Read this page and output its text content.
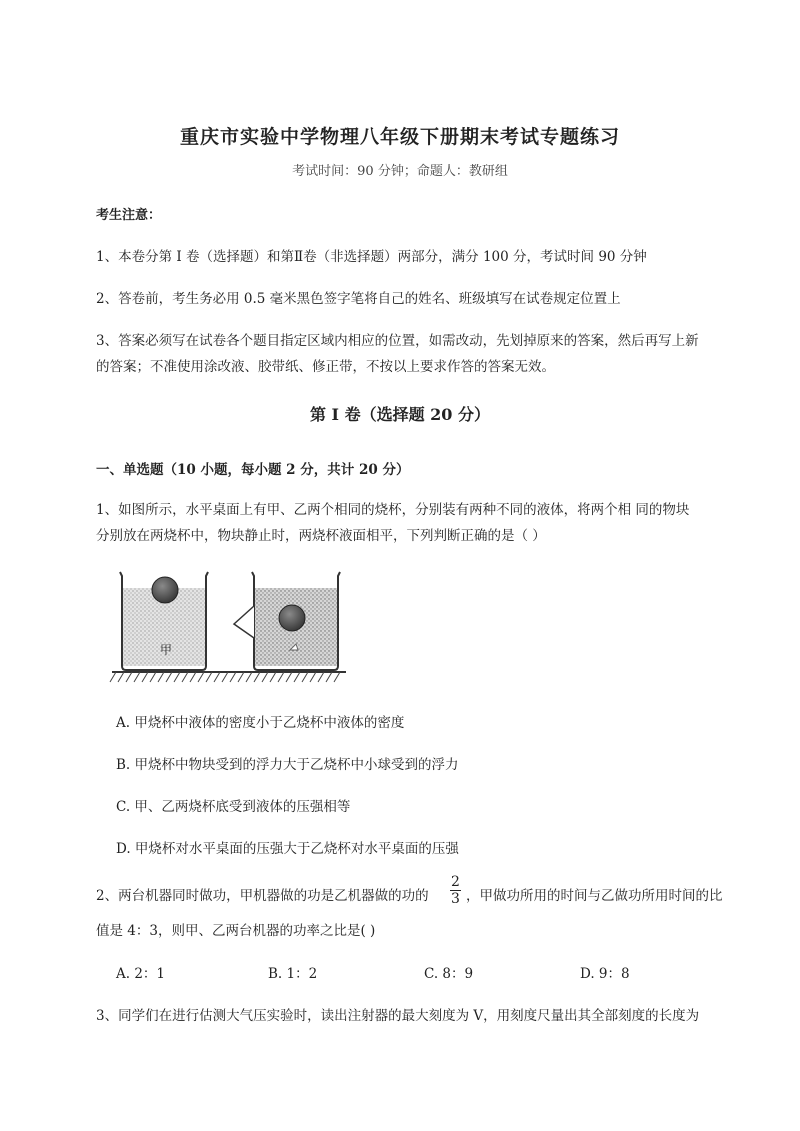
重庆市实验中学物理八年级下册期末考试专题练习
考试时间：90 分钟；命题人：教研组
考生注意：
1、本卷分第 I 卷（选择题）和第Ⅱ卷（非选择题）两部分，满分 100 分，考试时间 90 分钟
2、答卷前，考生务必用 0.5 毫米黑色签字笔将自己的姓名、班级填写在试卷规定位置上
3、答案必须写在试卷各个题目指定区域内相应的位置，如需改动，先划掉原来的答案，然后再写上新
的答案；不准使用涂改液、胶带纸、修正带，不按以上要求作答的答案无效。
第 I 卷（选择题 20 分）
一、单选题（10 小题，每小题 2 分，共计 20 分）
1、如图所示，水平桌面上有甲、乙两个相同的烧杯，分别装有两种不同的液体，将两个相 同的物块
分别放在两烧杯中，物块静止时，两烧杯液面相平，下列判断正确的是（ ）
甲
A. 甲烧杯中液体的密度小于乙烧杯中液体的密度
B. 甲烧杯中物块受到的浮力大于乙烧杯中小球受到的浮力
C. 甲、乙两烧杯底受到液体的压强相等
D. 甲烧杯对水平桌面的压强大于乙烧杯对水平桌面的压强
2、两台机器同时做功，甲机器做的功是乙机器做的功的 $\frac{2}{3}$ ，甲做功所用的时间与乙做功所用时间的比
值是 4：3，则甲、乙两台机器的功率之比是( )
A. 2：1	B. 1：2	C. 8：9	D. 9：8
3、同学们在进行估测大气压实验时，读出注射器的最大刻度为 V，用刻度尺量出其全部刻度的长度为
